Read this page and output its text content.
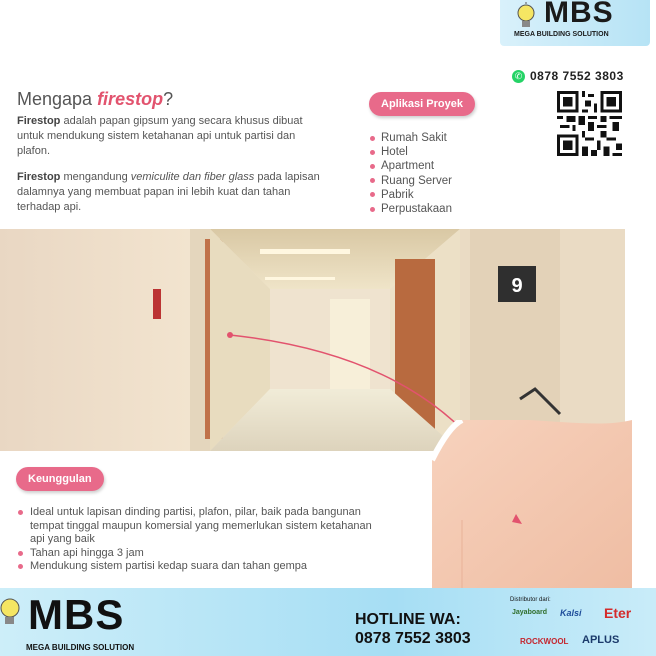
MBS
MEGA BUILDING SOLUTION
✆ 0878 7552 3803
Mengapa firestop?

Firestop adalah papan gipsum yang secara khusus dibuat untuk mendukung sistem ketahanan api untuk partisi dan plafon.

Firestop mengandung vemiculite dan fiber glass pada lapisan dalamnya yang membuat papan ini lebih kuat dan tahan terhadap api.

Aplikasi Proyek
Rumah Sakit
Hotel
Apartment
Ruang Server
Pabrik
Perpustakaan
9
Keunggulan
Ideal untuk lapisan dinding partisi, plafon, pilar, baik pada bangunan tempat tinggal maupun komersial yang memerlukan sistem ketahanan api yang baik
Tahan api hingga 3 jam
Mendukung sistem partisi kedap suara dan tahan gempa
MBS
MEGA BUILDING SOLUTION
HOTLINE WA:
0878 7552 3803
Distributor dari:
Jayaboard Kalsi Eter
ROCKWOOL APLUS
